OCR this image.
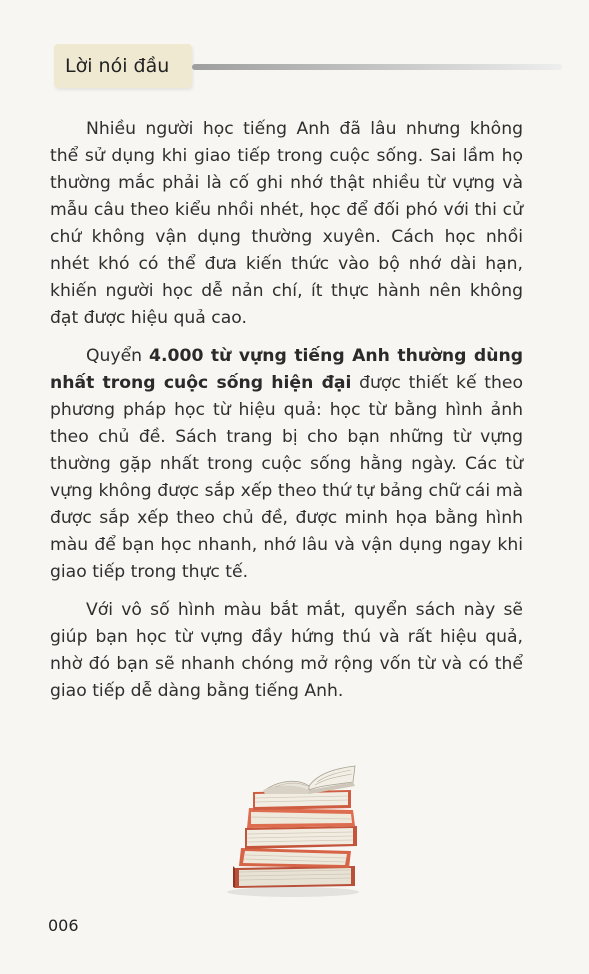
Lời nói đầu

Nhiều người học tiếng Anh đã lâu nhưng không thể sử dụng khi giao tiếp trong cuộc sống. Sai lầm họ thường mắc phải là cố ghi nhớ thật nhiều từ vựng và mẫu câu theo kiểu nhồi nhét, học để đối phó với thi cử chứ không vận dụng thường xuyên. Cách học nhồi nhét khó có thể đưa kiến thức vào bộ nhớ dài hạn, khiến người học dễ nản chí, ít thực hành nên không đạt được hiệu quả cao.

Quyển 4.000 từ vựng tiếng Anh thường dùng nhất trong cuộc sống hiện đại được thiết kế theo phương pháp học từ hiệu quả: học từ bằng hình ảnh theo chủ đề. Sách trang bị cho bạn những từ vựng thường gặp nhất trong cuộc sống hằng ngày. Các từ vựng không được sắp xếp theo thứ tự bảng chữ cái mà được sắp xếp theo chủ đề, được minh họa bằng hình màu để bạn học nhanh, nhớ lâu và vận dụng ngay khi giao tiếp trong thực tế.

Với vô số hình màu bắt mắt, quyển sách này sẽ giúp bạn học từ vựng đầy hứng thú và rất hiệu quả, nhờ đó bạn sẽ nhanh chóng mở rộng vốn từ và có thể giao tiếp dễ dàng bằng tiếng Anh.

006
